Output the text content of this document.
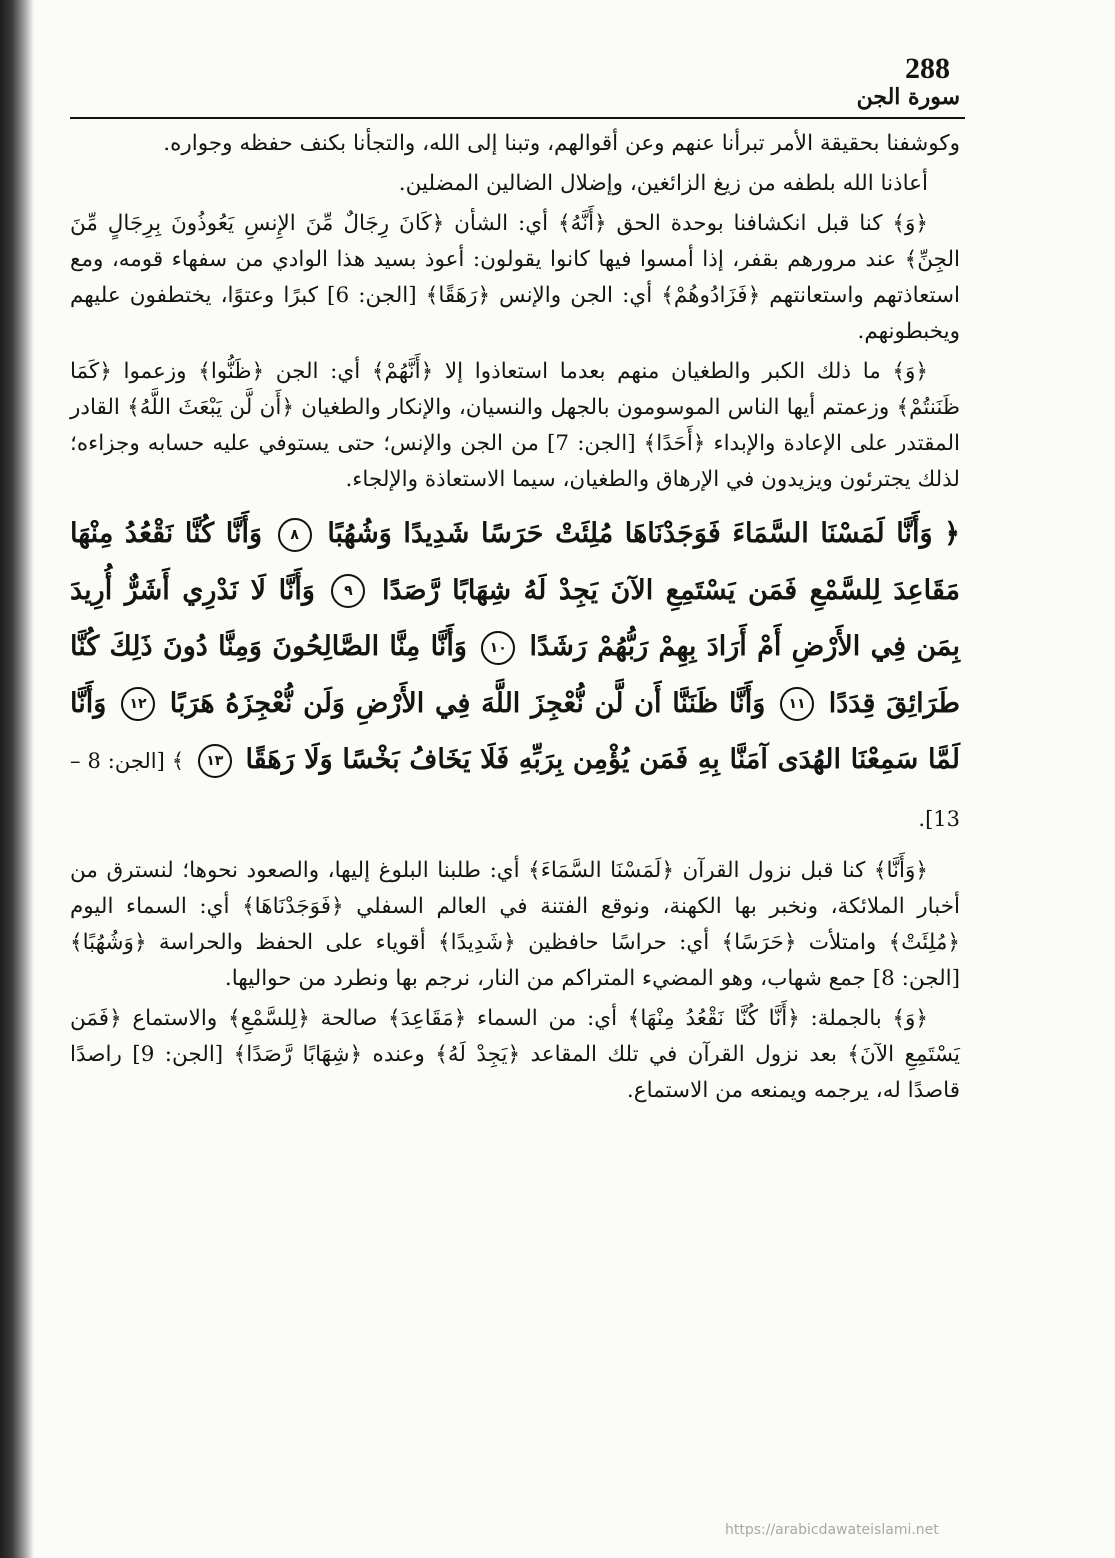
288
سورة الجن

وكوشفنا بحقيقة الأمر تبرأنا عنهم وعن أقوالهم، وتبنا إلى الله، والتجأنا بكنف حفظه وجواره.

أعاذنا الله بلطفه من زيغ الزائغين، وإضلال الضالين المضلين.

﴿وَ﴾ كنا قبل انكشافنا بوحدة الحق ﴿أَنَّهُ﴾ أي: الشأن ﴿كَانَ رِجَالٌ مِّنَ الإِنسِ يَعُوذُونَ بِرِجَالٍ مِّنَ الجِنِّ﴾ عند مرورهم بقفر، إذا أمسوا فيها كانوا يقولون: أعوذ بسيد هذا الوادي من سفهاء قومه، ومع استعاذتهم واستعانتهم ﴿فَزَادُوهُمْ﴾ أي: الجن والإنس ﴿رَهَقًا﴾ [الجن: 6] كبرًا وعتوًا، يختطفون عليهم ويخبطونهم.

﴿وَ﴾ ما ذلك الكبر والطغيان منهم بعدما استعاذوا إلا ﴿أَنَّهُمْ﴾ أي: الجن ﴿ظَنُّوا﴾ وزعموا ﴿كَمَا ظَنَنتُمْ﴾ وزعمتم أيها الناس الموسومون بالجهل والنسيان، والإنكار والطغيان ﴿أَن لَّن يَبْعَثَ اللَّهُ﴾ القادر المقتدر على الإعادة والإبداء ﴿أَحَدًا﴾ [الجن: 7] من الجن والإنس؛ حتى يستوفي عليه حسابه وجزاءه؛ لذلك يجترئون ويزيدون في الإرهاق والطغيان، سيما الاستعاذة والإلجاء.

﴿ وَأَنَّا لَمَسْنَا السَّمَاءَ فَوَجَدْنَاهَا مُلِئَتْ حَرَسًا شَدِيدًا وَشُهُبًا ٨ وَأَنَّا كُنَّا نَقْعُدُ مِنْهَا مَقَاعِدَ لِلسَّمْعِ فَمَن يَسْتَمِعِ الآنَ يَجِدْ لَهُ شِهَابًا رَّصَدًا ٩ وَأَنَّا لَا نَدْرِي أَشَرٌّ أُرِيدَ بِمَن فِي الأَرْضِ أَمْ أَرَادَ بِهِمْ رَبُّهُمْ رَشَدًا ١٠ وَأَنَّا مِنَّا الصَّالِحُونَ وَمِنَّا دُونَ ذَلِكَ كُنَّا طَرَائِقَ قِدَدًا ١١ وَأَنَّا ظَنَنَّا أَن لَّن نُّعْجِزَ اللَّهَ فِي الأَرْضِ وَلَن نُّعْجِزَهُ هَرَبًا ١٢ وَأَنَّا لَمَّا سَمِعْنَا الهُدَى آمَنَّا بِهِ فَمَن يُؤْمِن بِرَبِّهِ فَلَا يَخَافُ بَخْسًا وَلَا رَهَقًا ١٣ ﴾ [الجن: 8 – 13].

﴿وَأَنَّا﴾ كنا قبل نزول القرآن ﴿لَمَسْنَا السَّمَاءَ﴾ أي: طلبنا البلوغ إليها، والصعود نحوها؛ لنسترق من أخبار الملائكة، ونخبر بها الكهنة، ونوقع الفتنة في العالم السفلي ﴿فَوَجَدْنَاهَا﴾ أي: السماء اليوم ﴿مُلِئَتْ﴾ وامتلأت ﴿حَرَسًا﴾ أي: حراسًا حافظين ﴿شَدِيدًا﴾ أقوياء على الحفظ والحراسة ﴿وَشُهُبًا﴾ [الجن: 8] جمع شهاب، وهو المضيء المتراكم من النار، نرجم بها ونطرد من حواليها.

﴿وَ﴾ بالجملة: ﴿أَنَّا كُنَّا نَقْعُدُ مِنْهَا﴾ أي: من السماء ﴿مَقَاعِدَ﴾ صالحة ﴿لِلسَّمْعِ﴾ والاستماع ﴿فَمَن يَسْتَمِعِ الآنَ﴾ بعد نزول القرآن في تلك المقاعد ﴿يَجِدْ لَهُ﴾ وعنده ﴿شِهَابًا رَّصَدًا﴾ [الجن: 9] راصدًا قاصدًا له، يرجمه ويمنعه من الاستماع.

https://arabicdawateislami.net
